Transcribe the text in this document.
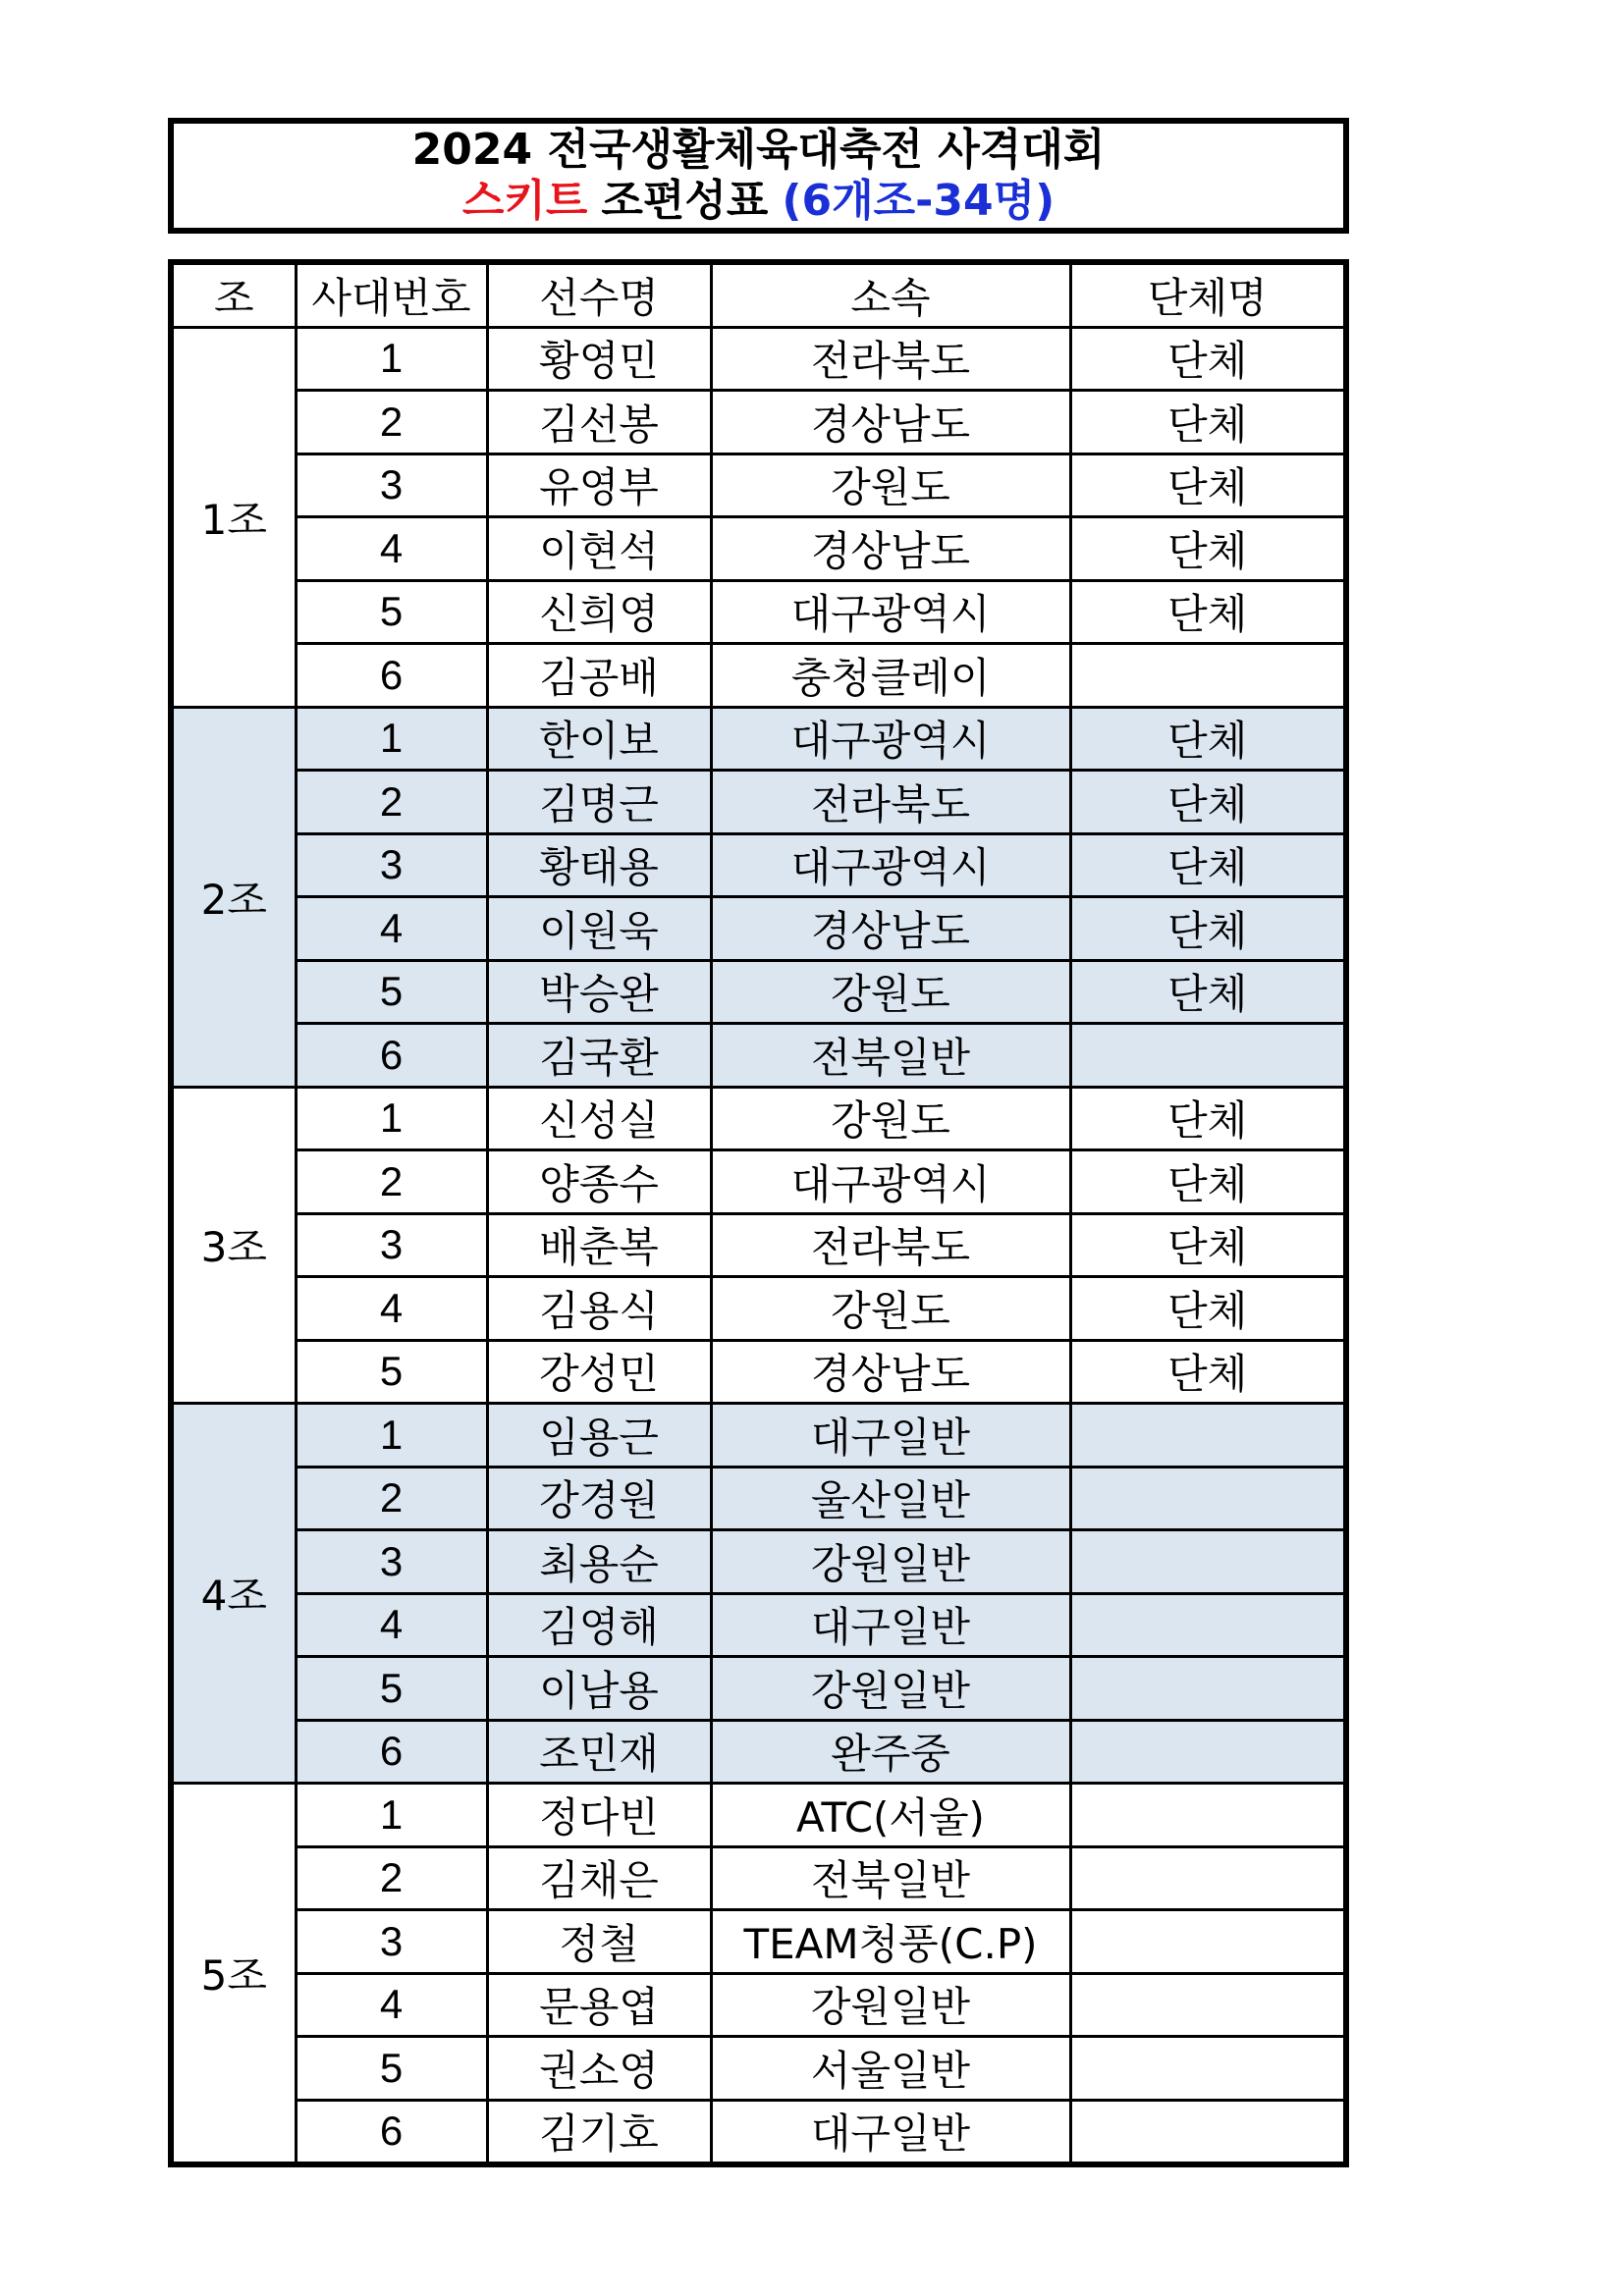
2024 전국생활체육대축전 사격대회
스키트 조편성표 (6개조-34명)
조	사대번호	선수명	소속	단체명
1조	1	황영민	전라북도	단체
	2	김선봉	경상남도	단체
	3	유영부	강원도	단체
	4	이현석	경상남도	단체
	5	신희영	대구광역시	단체
	6	김공배	충청클레이	
2조	1	한이보	대구광역시	단체
	2	김명근	전라북도	단체
	3	황태용	대구광역시	단체
	4	이원욱	경상남도	단체
	5	박승완	강원도	단체
	6	김국환	전북일반	
3조	1	신성실	강원도	단체
	2	양종수	대구광역시	단체
	3	배춘복	전라북도	단체
	4	김용식	강원도	단체
	5	강성민	경상남도	단체
4조	1	임용근	대구일반	
	2	강경원	울산일반	
	3	최용순	강원일반	
	4	김영해	대구일반	
	5	이남용	강원일반	
	6	조민재	완주중	
5조	1	정다빈	ATC(서울)	
	2	김채은	전북일반	
	3	정철	TEAM청풍(C.P)	
	4	문용엽	강원일반	
	5	권소영	서울일반	
	6	김기호	대구일반	
